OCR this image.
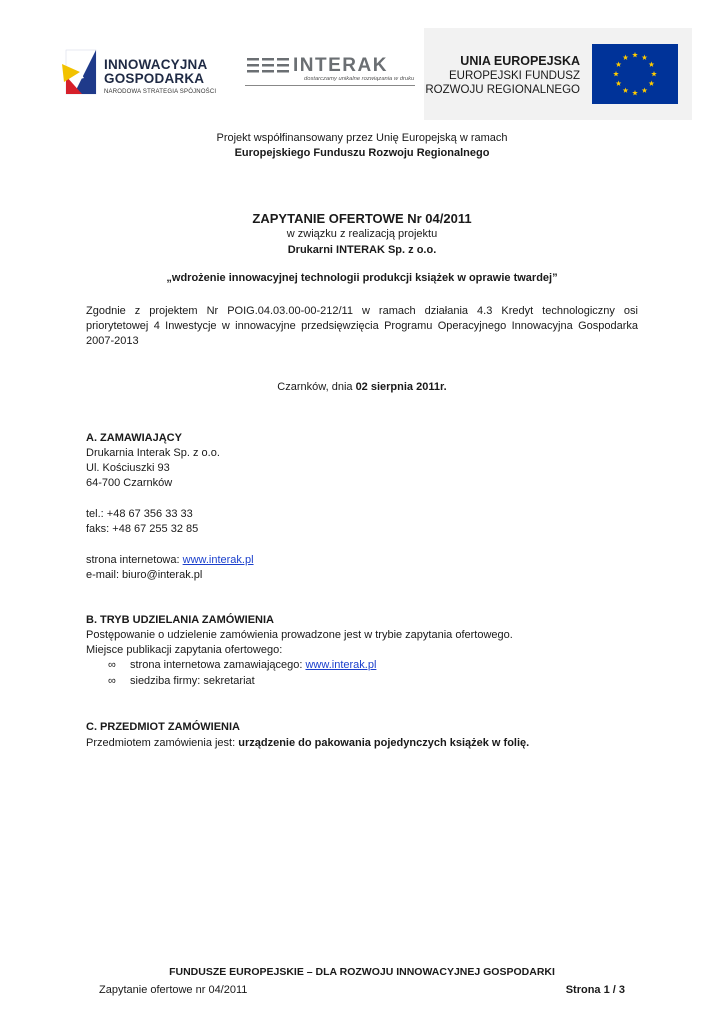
INNOWACYJNA
GOSPODARKA
NARODOWA STRATEGIA SPÓJNOŚCI
INTERAK
dostarczamy unikalne rozwiązania w druku
UNIA EUROPEJSKA
EUROPEJSKI FUNDUSZ
ROZWOJU REGIONALNEGO
Projekt współfinansowany przez Unię Europejską w ramach
Europejskiego Funduszu Rozwoju Regionalnego
ZAPYTANIE OFERTOWE Nr 04/2011
w związku z realizacją projektu
Drukarni INTERAK Sp. z o.o.
„wdrożenie innowacyjnej technologii produkcji książek w oprawie twardej”
Zgodnie z projektem Nr POIG.04.03.00-00-212/11 w ramach działania 4.3 Kredyt technologiczny osi
priorytetowej 4 Inwestycje w innowacyjne przedsięwzięcia Programu Operacyjnego Innowacyjna Gospodarka
2007-2013
Czarnków, dnia 02 sierpnia 2011r.
A. ZAMAWIAJĄCY
Drukarnia Interak Sp. z o.o.
Ul. Kościuszki 93
64-700 Czarnków
tel.: +48 67 356 33 33
faks: +48 67 255 32 85
strona internetowa: www.interak.pl
e-mail: biuro@interak.pl
B. TRYB UDZIELANIA ZAMÓWIENIA
Postępowanie o udzielenie zamówienia prowadzone jest w trybie zapytania ofertowego.
Miejsce publikacji zapytania ofertowego:
∞ strona internetowa zamawiającego: www.interak.pl
∞ siedziba firmy: sekretariat
C. PRZEDMIOT ZAMÓWIENIA
Przedmiotem zamówienia jest: urządzenie do pakowania pojedynczych książek w folię.
FUNDUSZE EUROPEJSKIE – DLA ROZWOJU INNOWACYJNEJ GOSPODARKI
Zapytanie ofertowe nr 04/2011	Strona 1 / 3
